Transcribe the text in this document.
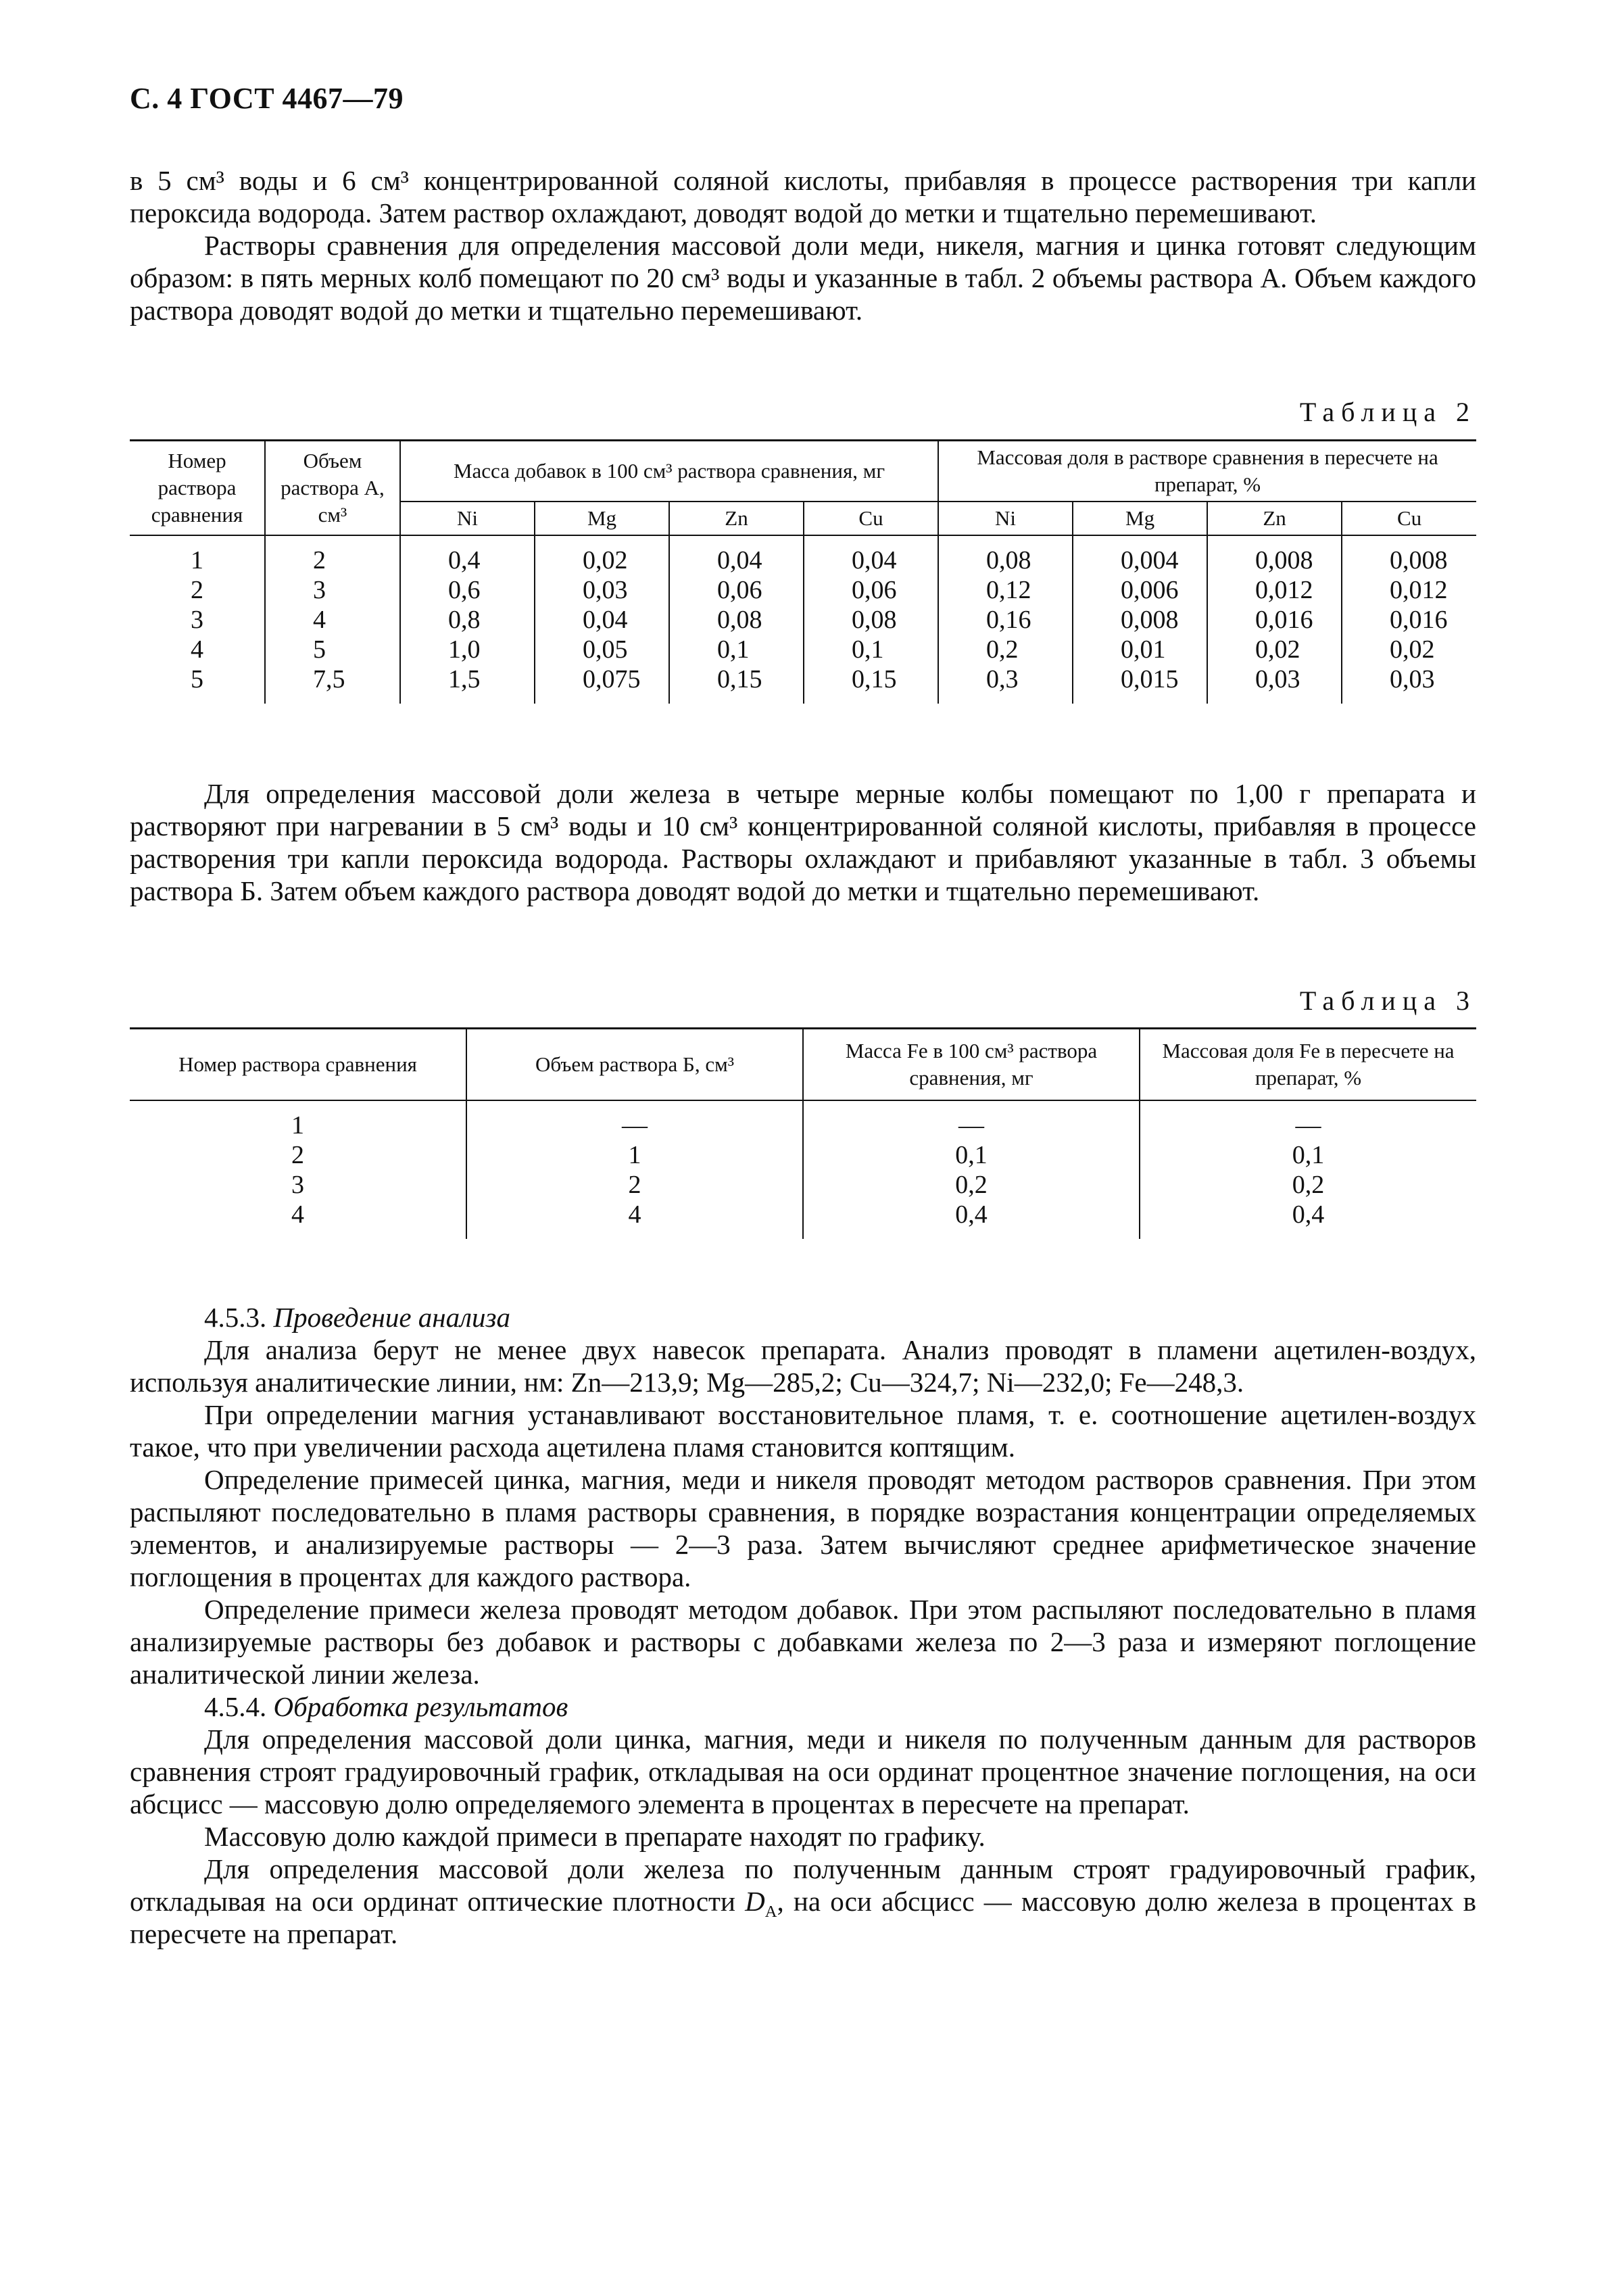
С. 4 ГОСТ 4467—79

в 5 см³ воды и 6 см³ концентрированной соляной кислоты, прибавляя в процессе растворения три капли пероксида водорода. Затем раствор охлаждают, доводят водой до метки и тщательно перемешивают.

Растворы сравнения для определения массовой доли меди, никеля, магния и цинка готовят следующим образом: в пять мерных колб помещают по 20 см³ воды и указанные в табл. 2 объемы раствора А. Объем каждого раствора доводят водой до метки и тщательно перемешивают.

Таблица 2
Номер раствора сравнения	Объем раствора А, см³	Масса добавок в 100 см³ раствора сравнения, мг				Массовая доля в растворе сравнения в пересчете на препарат, %			
		Ni	Mg	Zn	Cu	Ni	Mg	Zn	Cu
1	2	0,4	0,02	0,04	0,04	0,08	0,004	0,008	0,008
2	3	0,6	0,03	0,06	0,06	0,12	0,006	0,012	0,012
3	4	0,8	0,04	0,08	0,08	0,16	0,008	0,016	0,016
4	5	1,0	0,05	0,1	0,1	0,2	0,01	0,02	0,02
5	7,5	1,5	0,075	0,15	0,15	0,3	0,015	0,03	0,03

Для определения массовой доли железа в четыре мерные колбы помещают по 1,00 г препарата и растворяют при нагревании в 5 см³ воды и 10 см³ концентрированной соляной кислоты, прибавляя в процессе растворения три капли пероксида водорода. Растворы охлаждают и прибавляют указанные в табл. 3 объемы раствора Б. Затем объем каждого раствора доводят водой до метки и тщательно перемешивают.

Таблица 3
Номер раствора сравнения	Объем раствора Б, см³	Масса Fe в 100 см³ раствора сравнения, мг	Массовая доля Fe в пересчете на препарат, %
1	—	—	—
2	1	0,1	0,1
3	2	0,2	0,2
4	4	0,4	0,4

4.5.3. Проведение анализа

Для анализа берут не менее двух навесок препарата. Анализ проводят в пламени ацетилен-воздух, используя аналитические линии, нм: Zn—213,9; Mg—285,2; Cu—324,7; Ni—232,0; Fe—248,3.

При определении магния устанавливают восстановительное пламя, т. е. соотношение ацетилен-воздух такое, что при увеличении расхода ацетилена пламя становится коптящим.

Определение примесей цинка, магния, меди и никеля проводят методом растворов сравнения. При этом распыляют последовательно в пламя растворы сравнения, в порядке возрастания концентрации определяемых элементов, и анализируемые растворы — 2—3 раза. Затем вычисляют среднее арифметическое значение поглощения в процентах для каждого раствора.

Определение примеси железа проводят методом добавок. При этом распыляют последовательно в пламя анализируемые растворы без добавок и растворы с добавками железа по 2—3 раза и измеряют поглощение аналитической линии железа.

4.5.4. Обработка результатов

Для определения массовой доли цинка, магния, меди и никеля по полученным данным для растворов сравнения строят градуировочный график, откладывая на оси ординат процентное значение поглощения, на оси абсцисс — массовую долю определяемого элемента в процентах в пересчете на препарат.

Массовую долю каждой примеси в препарате находят по графику.

Для определения массовой доли железа по полученным данным строят градуировочный график, откладывая на оси ординат оптические плотности $D_A$, на оси абсцисс — массовую долю железа в процентах в пересчете на препарат.
